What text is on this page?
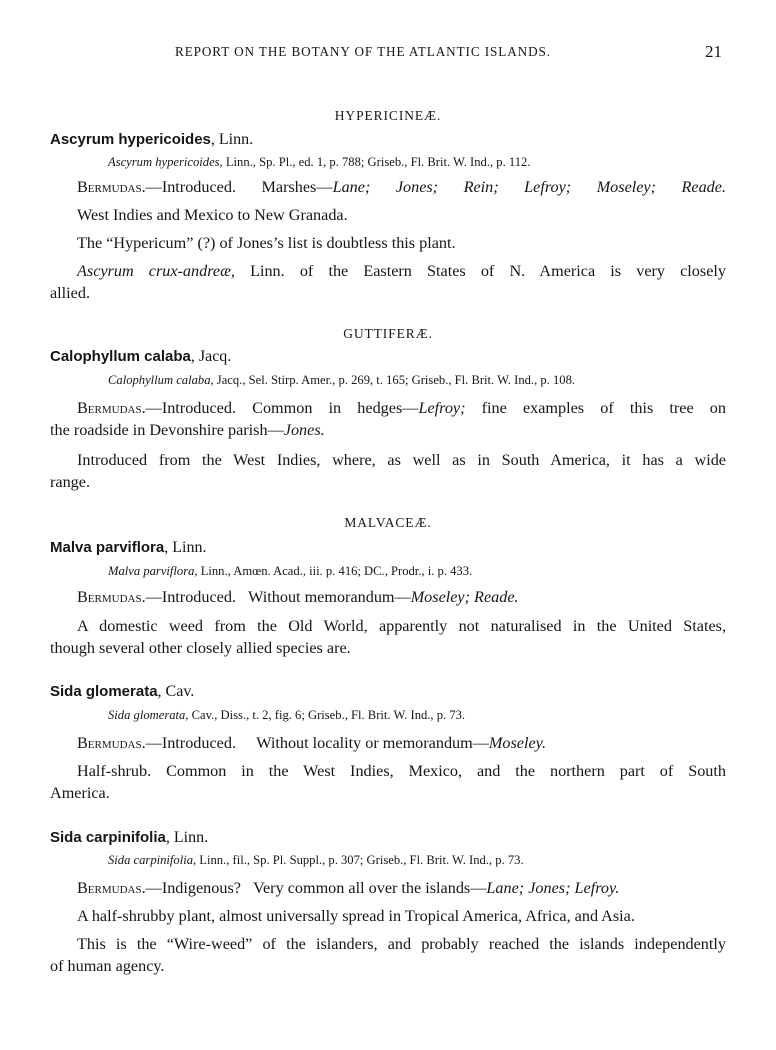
REPORT ON THE BOTANY OF THE ATLANTIC ISLANDS.	21
HYPERICINEÆ.
Ascyrum hypericoides, Linn.
Ascyrum hypericoides, Linn., Sp. Pl., ed. 1, p. 788; Griseb., Fl. Brit. W. Ind., p. 112.
Bermudas.—Introduced. Marshes—Lane; Jones; Rein; Lefroy; Moseley; Reade.
West Indies and Mexico to New Granada.
The “Hypericum” (?) of Jones’s list is doubtless this plant.
Ascyrum crux-andreæ, Linn. of the Eastern States of N. America is very closely
allied.
GUTTIFERÆ.
Calophyllum calaba, Jacq.
Calophyllum calaba, Jacq., Sel. Stirp. Amer., p. 269, t. 165; Griseb., Fl. Brit. W. Ind., p. 108.
Bermudas.—Introduced. Common in hedges—Lefroy; fine examples of this tree on
the roadside in Devonshire parish—Jones.
Introduced from the West Indies, where, as well as in South America, it has a wide
range.
MALVACEÆ.
Malva parviflora, Linn.
Malva parviflora, Linn., Amœn. Acad., iii. p. 416; DC., Prodr., i. p. 433.
Bermudas.—Introduced. Without memorandum—Moseley; Reade.
A domestic weed from the Old World, apparently not naturalised in the United States,
though several other closely allied species are.
Sida glomerata, Cav.
Sida glomerata, Cav., Diss., t. 2, fig. 6; Griseb., Fl. Brit. W. Ind., p. 73.
Bermudas.—Introduced. Without locality or memorandum—Moseley.
Half-shrub. Common in the West Indies, Mexico, and the northern part of South
America.
Sida carpinifolia, Linn.
Sida carpinifolia, Linn., fil., Sp. Pl. Suppl., p. 307; Griseb., Fl. Brit. W. Ind., p. 73.
Bermudas.—Indigenous? Very common all over the islands—Lane; Jones; Lefroy.
A half-shrubby plant, almost universally spread in Tropical America, Africa, and Asia.
This is the “Wire-weed” of the islanders, and probably reached the islands independently
of human agency.
